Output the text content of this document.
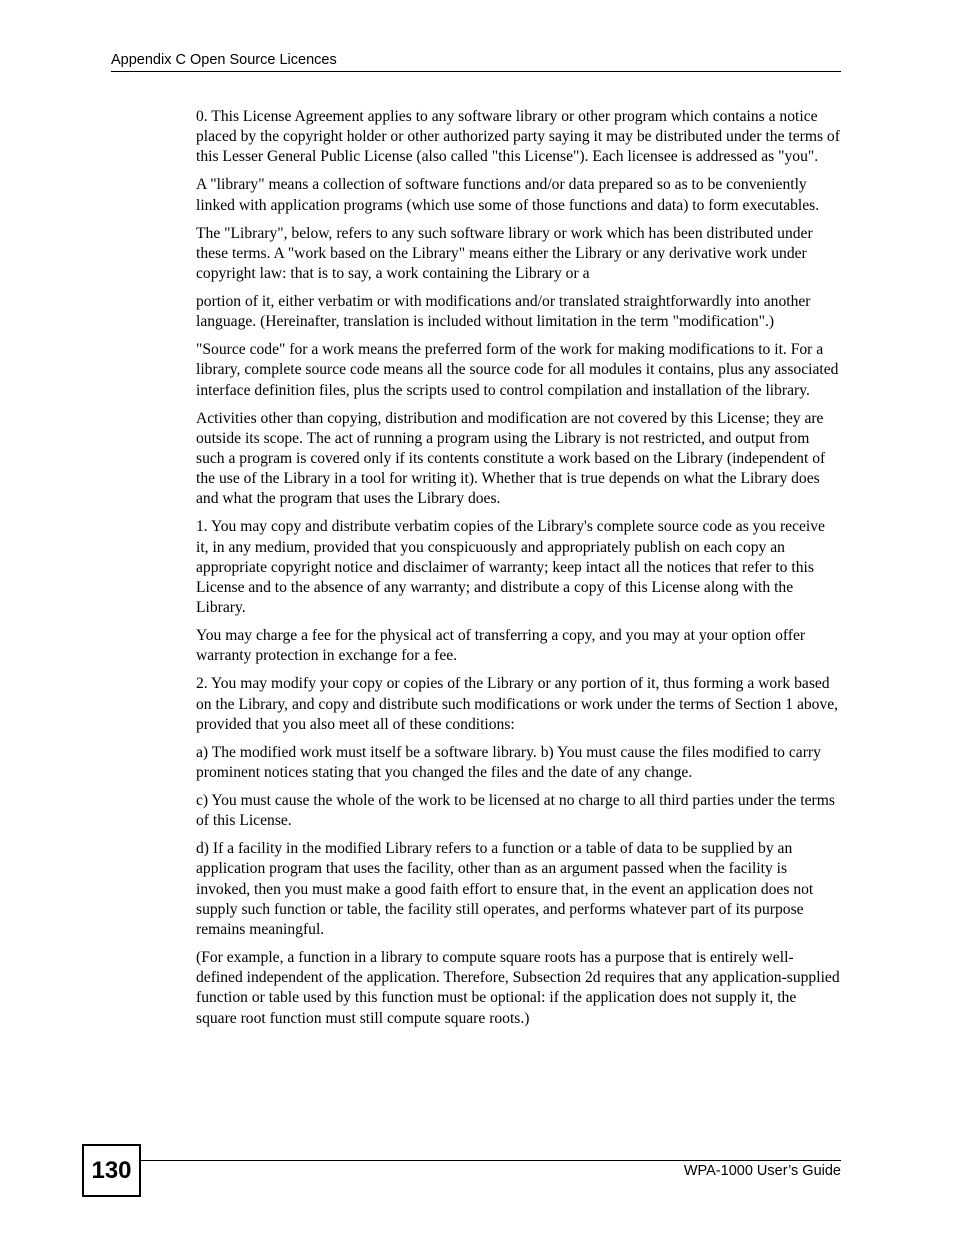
Appendix C Open Source Licences

0. This License Agreement applies to any software library or other program which contains a notice placed by the copyright holder or other authorized party saying it may be distributed under the terms of this Lesser General Public License (also called "this License"). Each licensee is addressed as "you".

A "library" means a collection of software functions and/or data prepared so as to be conveniently linked with application programs (which use some of those functions and data) to form executables.

The "Library", below, refers to any such software library or work which has been distributed under these terms. A "work based on the Library" means either the Library or any derivative work under copyright law: that is to say, a work containing the Library or a

portion of it, either verbatim or with modifications and/or translated straightforwardly into another language. (Hereinafter, translation is included without limitation in the term "modification".)

"Source code" for a work means the preferred form of the work for making modifications to it. For a library, complete source code means all the source code for all modules it contains, plus any associated interface definition files, plus the scripts used to control compilation and installation of the library.

Activities other than copying, distribution and modification are not covered by this License; they are outside its scope. The act of running a program using the Library is not restricted, and output from such a program is covered only if its contents constitute a work based on the Library (independent of the use of the Library in a tool for writing it). Whether that is true depends on what the Library does and what the program that uses the Library does.

1. You may copy and distribute verbatim copies of the Library's complete source code as you receive it, in any medium, provided that you conspicuously and appropriately publish on each copy an appropriate copyright notice and disclaimer of warranty; keep intact all the notices that refer to this License and to the absence of any warranty; and distribute a copy of this License along with the Library.

You may charge a fee for the physical act of transferring a copy, and you may at your option offer warranty protection in exchange for a fee.

2. You may modify your copy or copies of the Library or any portion of it, thus forming a work based on the Library, and copy and distribute such modifications or work under the terms of Section 1 above, provided that you also meet all of these conditions:

a) The modified work must itself be a software library. b) You must cause the files modified to carry prominent notices stating that you changed the files and the date of any change.

c) You must cause the whole of the work to be licensed at no charge to all third parties under the terms of this License.

d) If a facility in the modified Library refers to a function or a table of data to be supplied by an application program that uses the facility, other than as an argument passed when the facility is invoked, then you must make a good faith effort to ensure that, in the event an application does not supply such function or table, the facility still operates, and performs whatever part of its purpose remains meaningful.

(For example, a function in a library to compute square roots has a purpose that is entirely well-defined independent of the application. Therefore, Subsection 2d requires that any application-supplied function or table used by this function must be optional: if the application does not supply it, the square root function must still compute square roots.)

130	WPA-1000 User’s Guide
